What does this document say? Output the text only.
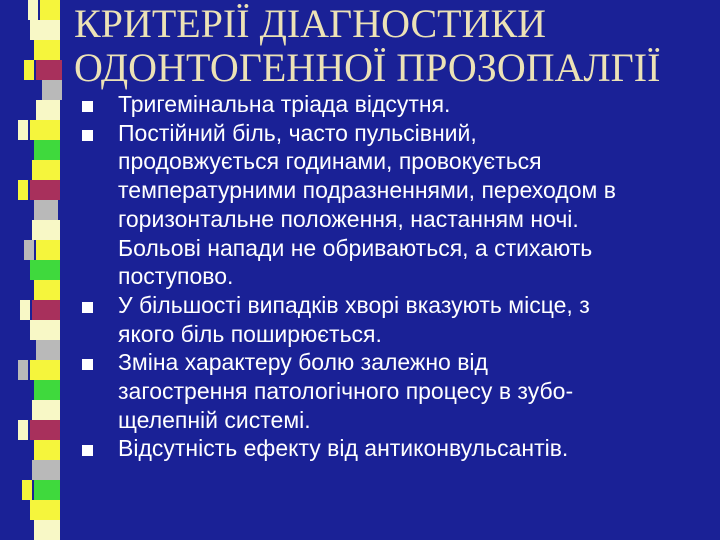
КРИТЕРІЇ ДІАГНОСТИКИ
ОДОНТОГЕННОЇ ПРОЗОПАЛГІЇ
Тригемінальна тріада відсутня.
Постійний біль, часто пульсівний,
продовжується годинами, провокується
температурними подразненнями, переходом в
горизонтальне положення, настанням ночі.
Больові напади не обриваються, а стихають
поступово.
У більшості випадків хворі вказують місце, з
якого біль поширюється.
Зміна характеру болю залежно від
загострення патологічного процесу в зубо-
щелепній системі.
Відсутність ефекту від антиконвульсантів.
